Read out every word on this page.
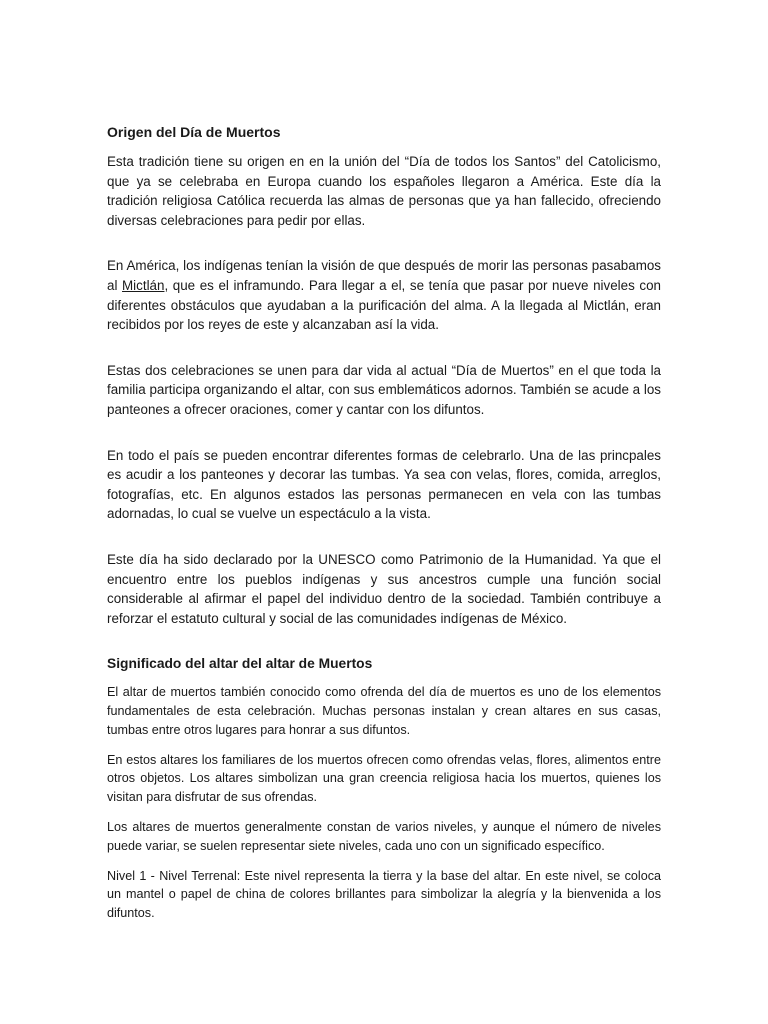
Origen del Día de Muertos

Esta tradición tiene su origen en en la unión del “Día de todos los Santos” del Catolicismo, que ya se celebraba en Europa cuando los españoles llegaron a América. Este día la tradición religiosa Católica recuerda las almas de personas que ya han fallecido, ofreciendo diversas celebraciones para pedir por ellas.

En América, los indígenas tenían la visión de que después de morir las personas pasabamos al Mictlán, que es el inframundo. Para llegar a el, se tenía que pasar por nueve niveles con diferentes obstáculos que ayudaban a la purificación del alma. A la llegada al Mictlán, eran recibidos por los reyes de este y alcanzaban así la vida.

Estas dos celebraciones se unen para dar vida al actual “Día de Muertos” en el que toda la familia participa organizando el altar, con sus emblemáticos adornos. También se acude a los panteones a ofrecer oraciones, comer y cantar con los difuntos.

En todo el país se pueden encontrar diferentes formas de celebrarlo. Una de las princpales es acudir a los panteones y decorar las tumbas. Ya sea con velas, flores, comida, arreglos, fotografías, etc. En algunos estados las personas permanecen en vela con las tumbas adornadas, lo cual se vuelve un espectáculo a la vista.

Este día ha sido declarado por la UNESCO como Patrimonio de la Humanidad. Ya que el encuentro entre los pueblos indígenas y sus ancestros cumple una función social considerable al afirmar el papel del individuo dentro de la sociedad. También contribuye a reforzar el estatuto cultural y social de las comunidades indígenas de México.

Significado del altar del altar de Muertos

El altar de muertos también conocido como ofrenda del día de muertos es uno de los elementos fundamentales de esta celebración. Muchas personas instalan y crean altares en sus casas, tumbas entre otros lugares para honrar a sus difuntos.

En estos altares los familiares de los muertos ofrecen como ofrendas velas, flores, alimentos entre otros objetos. Los altares simbolizan una gran creencia religiosa hacia los muertos, quienes los visitan para disfrutar de sus ofrendas.

Los altares de muertos generalmente constan de varios niveles, y aunque el número de niveles puede variar, se suelen representar siete niveles, cada uno con un significado específico.

Nivel 1 - Nivel Terrenal: Este nivel representa la tierra y la base del altar. En este nivel, se coloca un mantel o papel de china de colores brillantes para simbolizar la alegría y la bienvenida a los difuntos.
